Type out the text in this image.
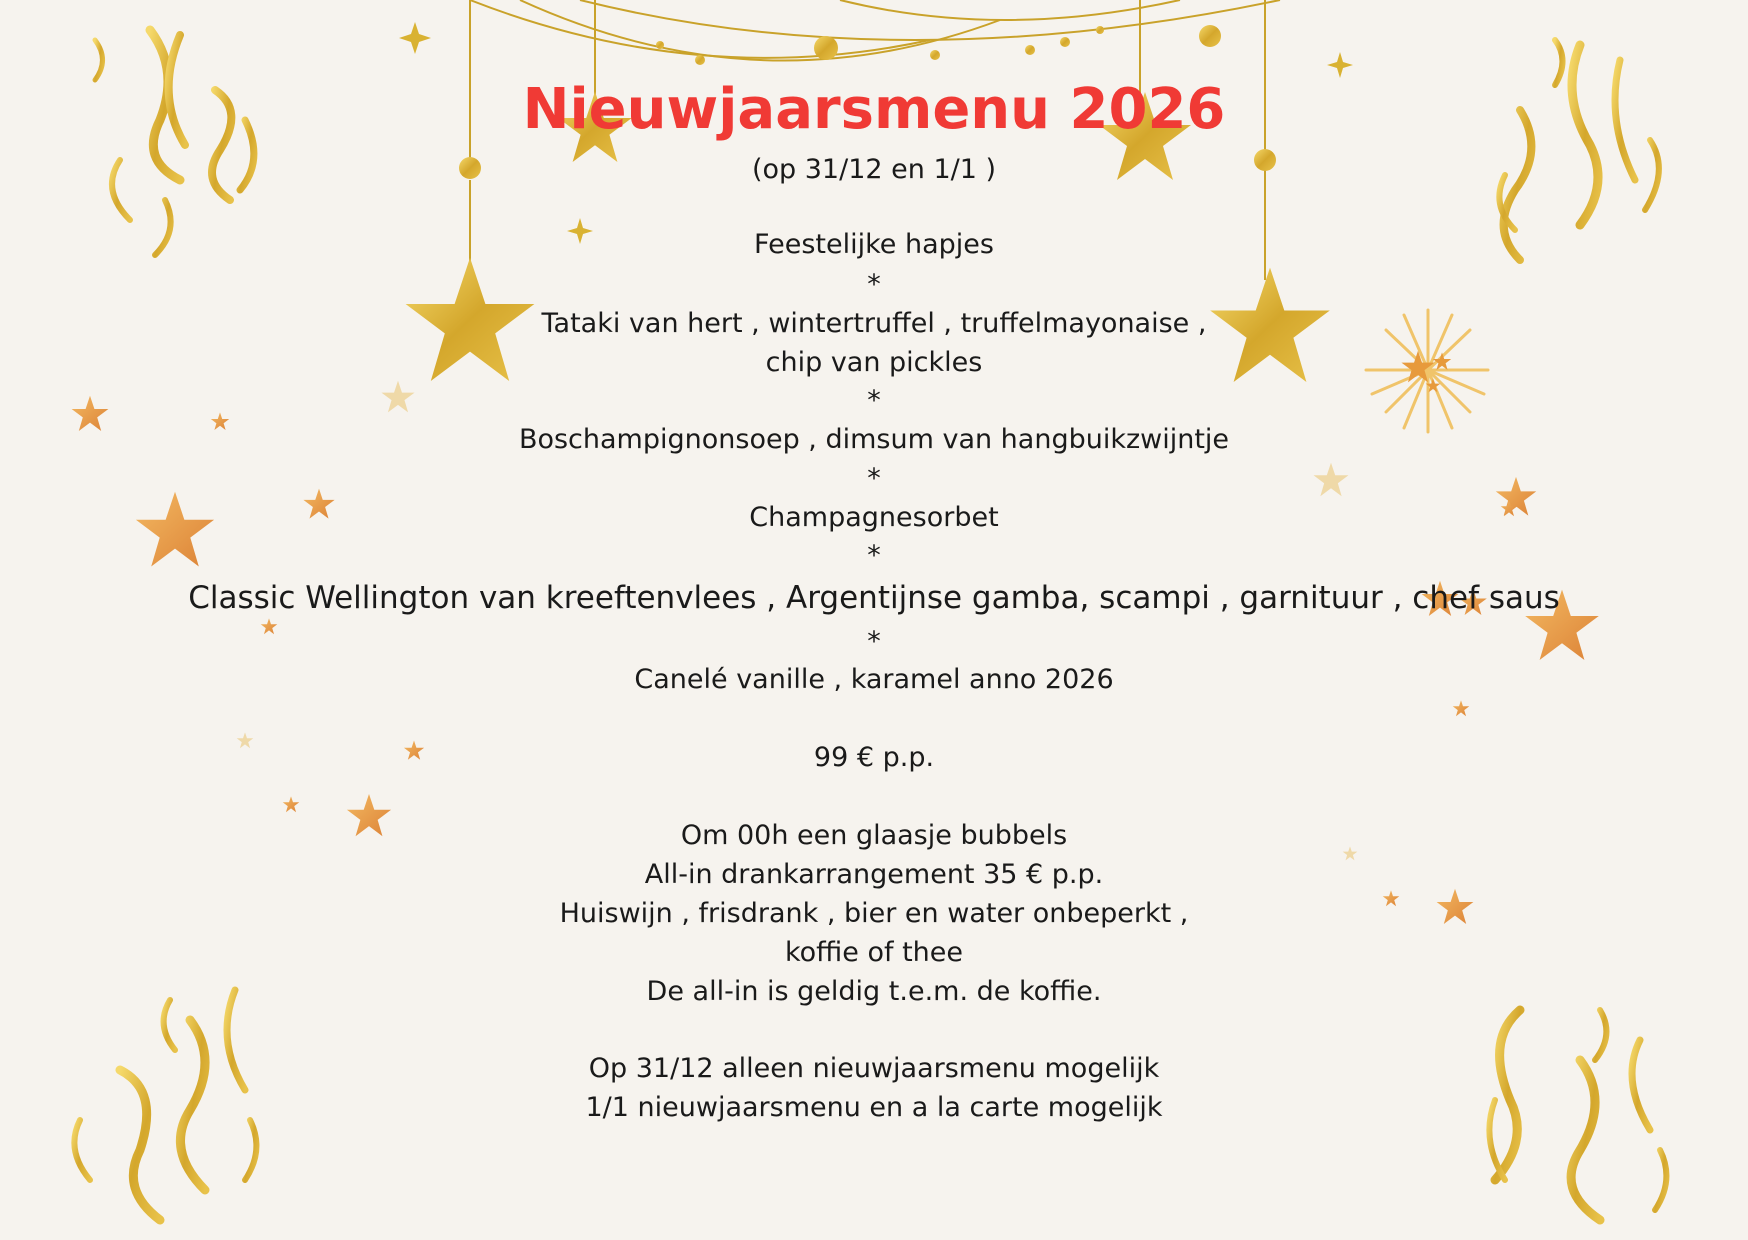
Nieuwjaarsmenu 2026
(op 31/12 en 1/1 )
Feestelijke hapjes
*
Tataki van hert , wintertruffel , truffelmayonaise ,
chip van pickles
*
Boschampignonsoep , dimsum van hangbuikzwijntje
*
Champagnesorbet
*
Classic Wellington van kreeftenvlees , Argentijnse gamba, scampi , garnituur , chef saus
*
Canelé vanille , karamel anno 2026
99 € p.p.
Om 00h een glaasje bubbels
All-in drankarrangement 35 € p.p.
Huiswijn , frisdrank , bier en water onbeperkt ,
koffie of thee
De all-in is geldig t.e.m. de koffie.
Op 31/12 alleen nieuwjaarsmenu mogelijk
1/1 nieuwjaarsmenu en a la carte mogelijk
